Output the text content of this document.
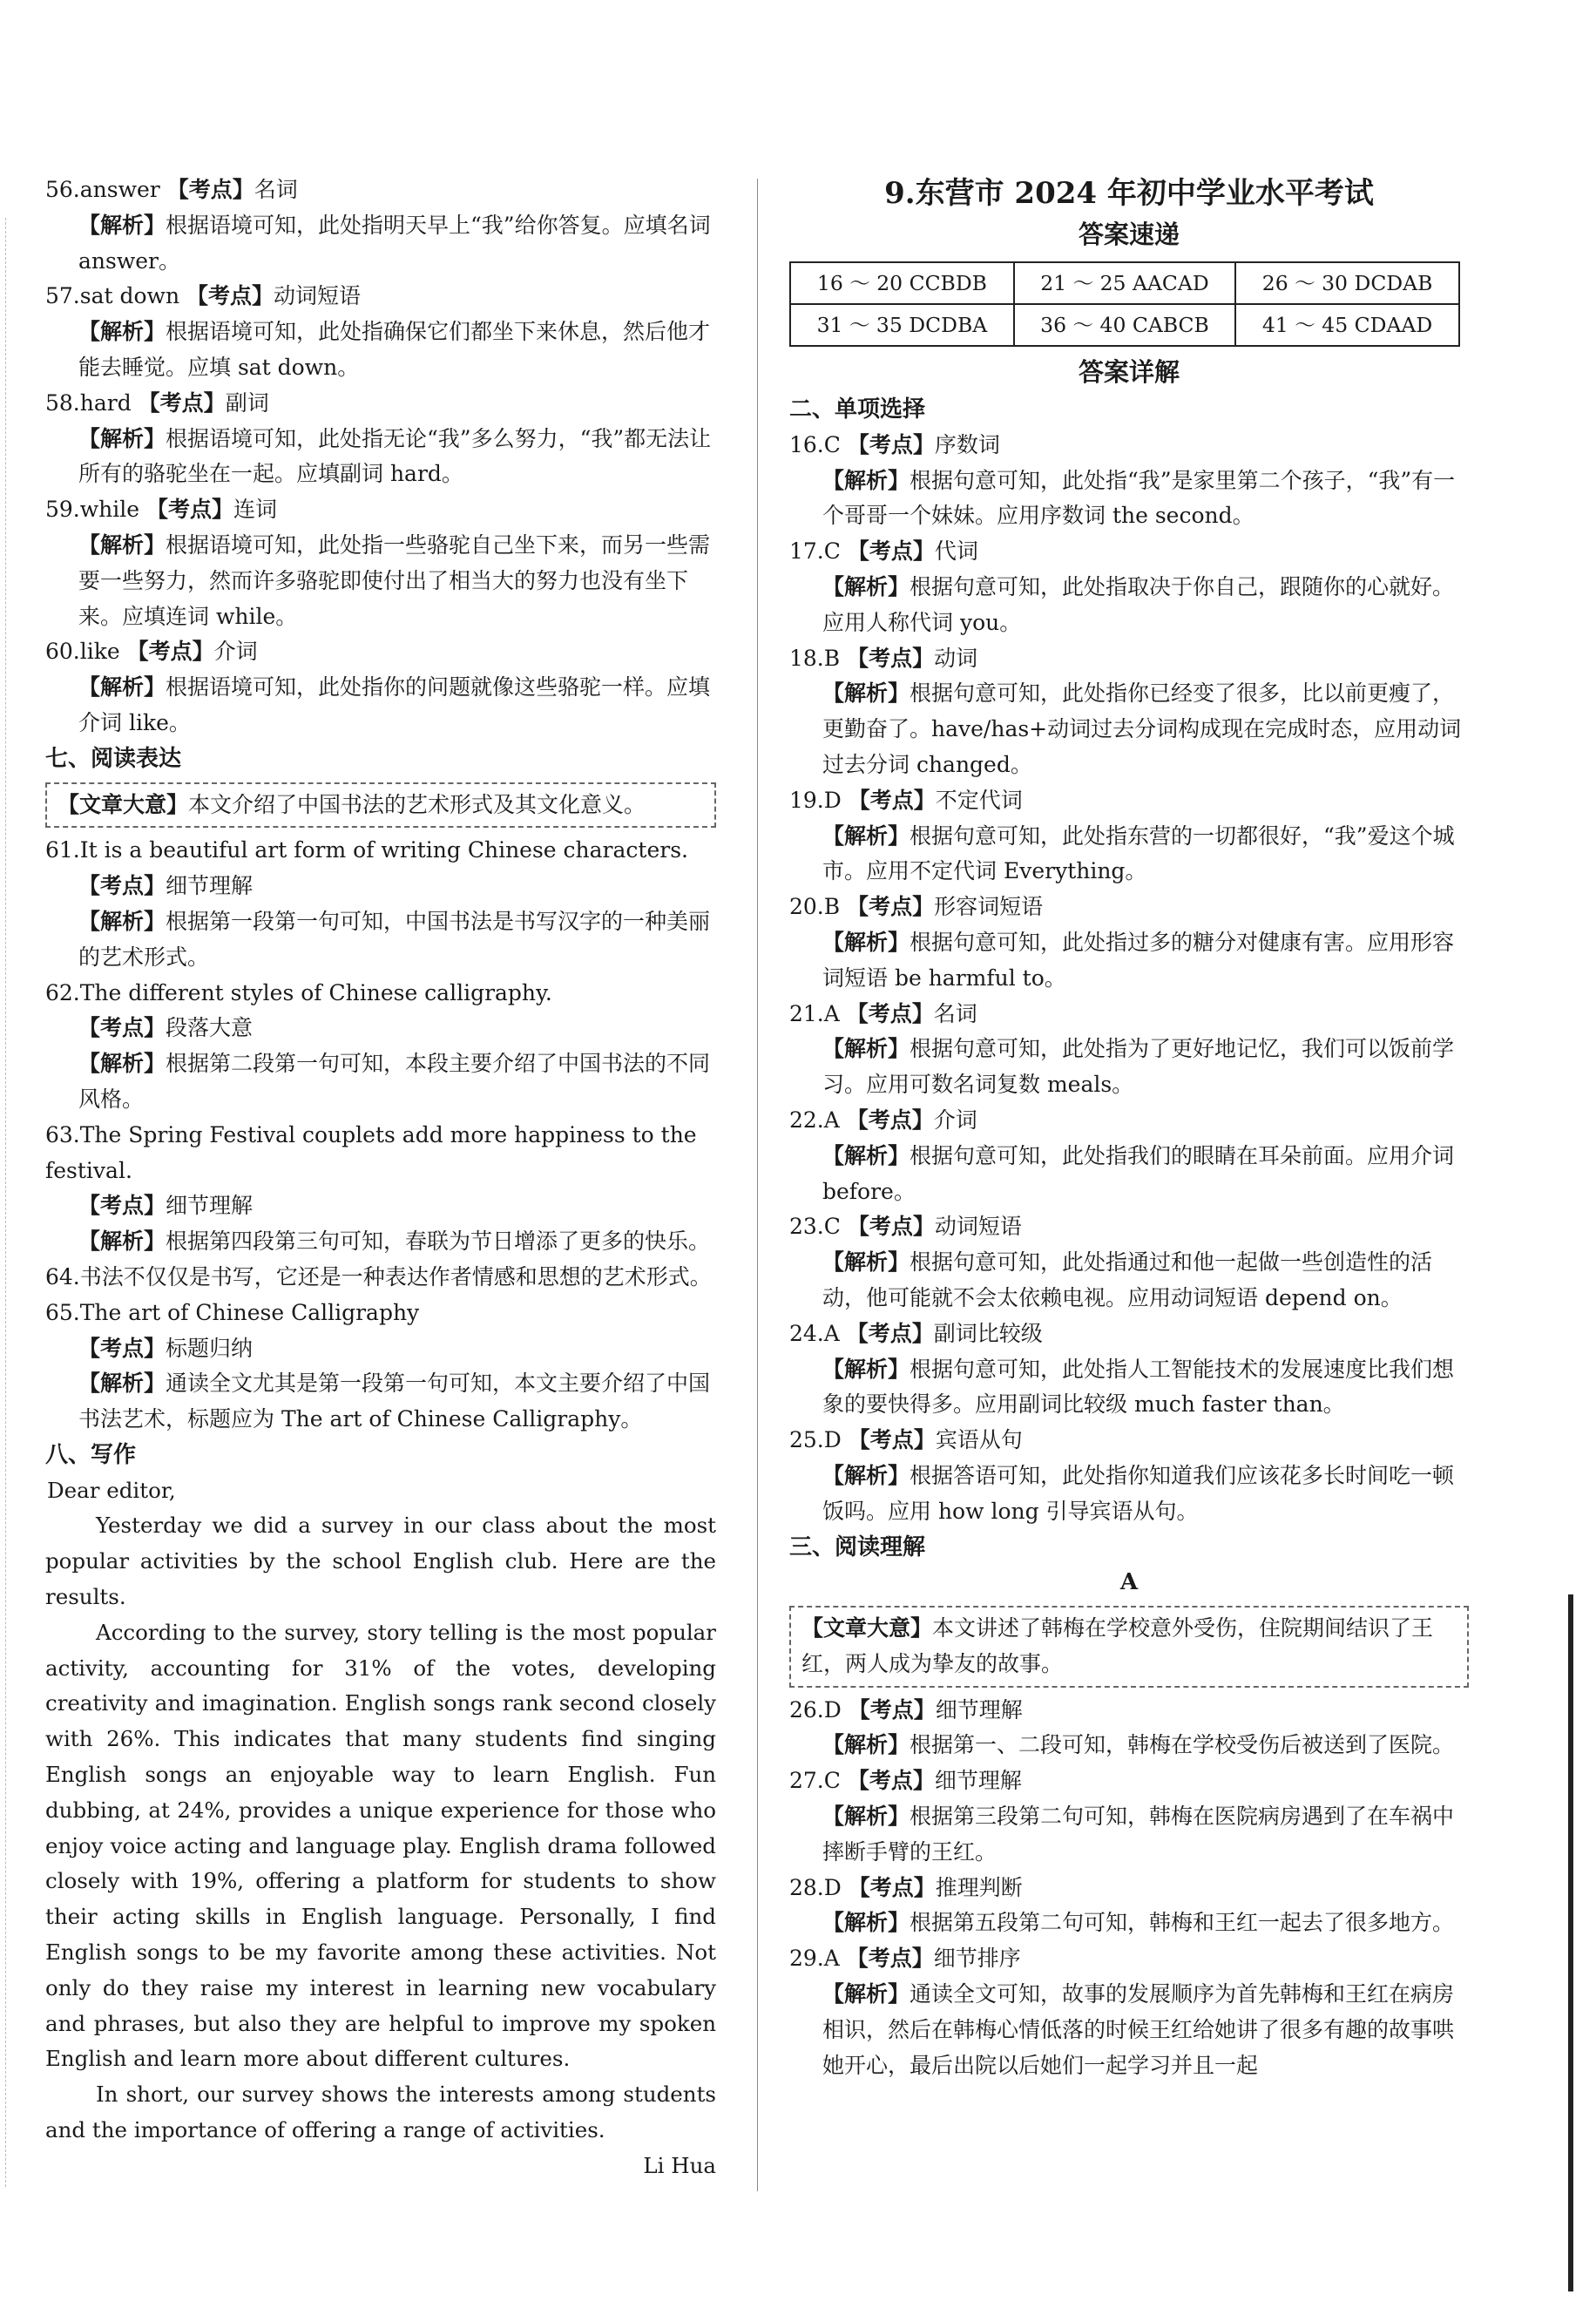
56.answer 【考点】名词

【解析】根据语境可知，此处指明天早上“我”给你答复。应填名词 answer。

57.sat down 【考点】动词短语

【解析】根据语境可知，此处指确保它们都坐下来休息，然后他才能去睡觉。应填 sat down。

58.hard 【考点】副词

【解析】根据语境可知，此处指无论“我”多么努力，“我”都无法让所有的骆驼坐在一起。应填副词 hard。

59.while 【考点】连词

【解析】根据语境可知，此处指一些骆驼自己坐下来，而另一些需要一些努力，然而许多骆驼即使付出了相当大的努力也没有坐下来。应填连词 while。

60.like 【考点】介词

【解析】根据语境可知，此处指你的问题就像这些骆驼一样。应填介词 like。

七、阅读表达

【文章大意】本文介绍了中国书法的艺术形式及其文化意义。

61.It is a beautiful art form of writing Chinese characters.

【考点】细节理解

【解析】根据第一段第一句可知，中国书法是书写汉字的一种美丽的艺术形式。

62.The different styles of Chinese calligraphy.

【考点】段落大意

【解析】根据第二段第一句可知，本段主要介绍了中国书法的不同风格。

63.The Spring Festival couplets add more happiness to the festival.

【考点】细节理解

【解析】根据第四段第三句可知，春联为节日增添了更多的快乐。

64.书法不仅仅是书写，它还是一种表达作者情感和思想的艺术形式。

65.The art of Chinese Calligraphy

【考点】标题归纳

【解析】通读全文尤其是第一段第一句可知，本文主要介绍了中国书法艺术，标题应为 The art of Chinese Calligraphy。

八、写作

Dear editor,

Yesterday we did a survey in our class about the most popular activities by the school English club. Here are the results.

According to the survey, story telling is the most popular activity, accounting for 31% of the votes, developing creativity and imagination. English songs rank second closely with 26%. This indicates that many students find singing English songs an enjoyable way to learn English. Fun dubbing, at 24%, provides a unique experience for those who enjoy voice acting and language play. English drama followed closely with 19%, offering a platform for students to show their acting skills in English language. Personally, I find English songs to be my favorite among these activities. Not only do they raise my interest in learning new vocabulary and phrases, but also they are helpful to improve my spoken English and learn more about different cultures.

In short, our survey shows the interests among students and the importance of offering a range of activities.

Li Hua

9.东营市 2024 年初中学业水平考试

答案速递

16 ～ 20 CCBDB	21 ～ 25 AACAD	26 ～ 30 DCDAB
31 ～ 35 DCDBA	36 ～ 40 CABCB	41 ～ 45 CDAAD

答案详解

二、单项选择

16.C 【考点】序数词

【解析】根据句意可知，此处指“我”是家里第二个孩子，“我”有一个哥哥一个妹妹。应用序数词 the second。

17.C 【考点】代词

【解析】根据句意可知，此处指取决于你自己，跟随你的心就好。应用人称代词 you。

18.B 【考点】动词

【解析】根据句意可知，此处指你已经变了很多，比以前更瘦了，更勤奋了。have/has+动词过去分词构成现在完成时态，应用动词过去分词 changed。

19.D 【考点】不定代词

【解析】根据句意可知，此处指东营的一切都很好，“我”爱这个城市。应用不定代词 Everything。

20.B 【考点】形容词短语

【解析】根据句意可知，此处指过多的糖分对健康有害。应用形容词短语 be harmful to。

21.A 【考点】名词

【解析】根据句意可知，此处指为了更好地记忆，我们可以饭前学习。应用可数名词复数 meals。

22.A 【考点】介词

【解析】根据句意可知，此处指我们的眼睛在耳朵前面。应用介词 before。

23.C 【考点】动词短语

【解析】根据句意可知，此处指通过和他一起做一些创造性的活动，他可能就不会太依赖电视。应用动词短语 depend on。

24.A 【考点】副词比较级

【解析】根据句意可知，此处指人工智能技术的发展速度比我们想象的要快得多。应用副词比较级 much faster than。

25.D 【考点】宾语从句

【解析】根据答语可知，此处指你知道我们应该花多长时间吃一顿饭吗。应用 how long 引导宾语从句。

三、阅读理解

A

【文章大意】本文讲述了韩梅在学校意外受伤，住院期间结识了王红，两人成为挚友的故事。

26.D 【考点】细节理解

【解析】根据第一、二段可知，韩梅在学校受伤后被送到了医院。

27.C 【考点】细节理解

【解析】根据第三段第二句可知，韩梅在医院病房遇到了在车祸中摔断手臂的王红。

28.D 【考点】推理判断

【解析】根据第五段第二句可知，韩梅和王红一起去了很多地方。

29.A 【考点】细节排序

【解析】通读全文可知，故事的发展顺序为首先韩梅和王红在病房相识，然后在韩梅心情低落的时候王红给她讲了很多有趣的故事哄她开心，最后出院以后她们一起学习并且一起
